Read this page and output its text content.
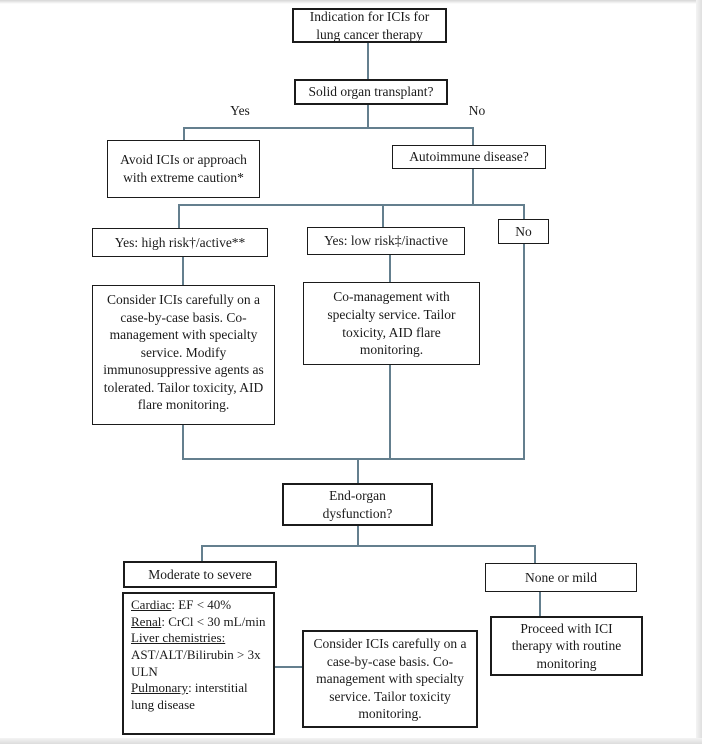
Yes	No
Indication for ICIs for lung cancer therapy
Solid organ transplant?
Avoid ICIs or approach with extreme caution*
Autoimmune disease?
Yes: high risk†/active**	Yes: low risk‡/inactive
No
Consider ICIs carefully on a case-by-case basis. Co-management with specialty service. Modify immunosuppressive agents as tolerated. Tailor toxicity, AID flare monitoring.
Co-management with specialty service. Tailor toxicity, AID flare monitoring.
End-organ dysfunction?
Moderate to severe
Cardiac: EF < 40%
Renal: CrCl < 30 mL/min
Liver chemistries: AST/ALT/Bilirubin > 3x ULN
Pulmonary: interstitial lung disease
Consider ICIs carefully on a case-by-case basis. Co-management with specialty service. Tailor toxicity monitoring.
None or mild
Proceed with ICI therapy with routine monitoring
